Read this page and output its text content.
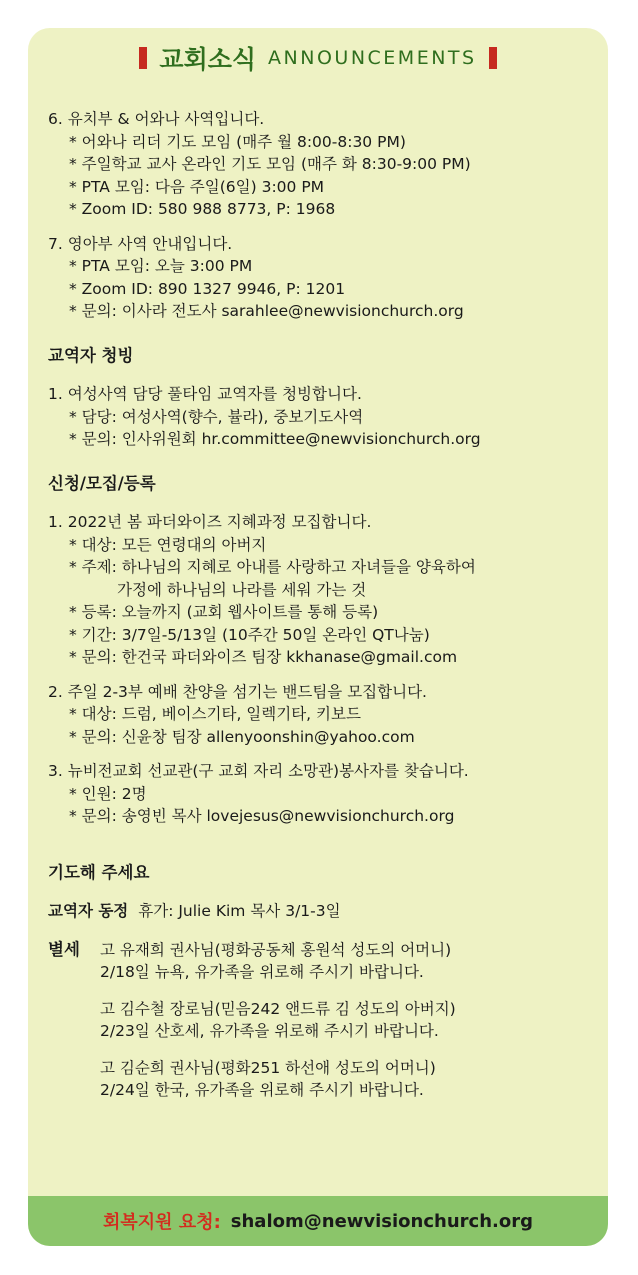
교회소식 ANNOUNCEMENTS
6. 유치부 & 어와나 사역입니다.
* 어와나 리더 기도 모임 (매주 월 8:00-8:30 PM)
* 주일학교 교사 온라인 기도 모임 (매주 화 8:30-9:00 PM)
* PTA 모임: 다음 주일(6일) 3:00 PM
* Zoom ID: 580 988 8773, P: 1968
7. 영아부 사역 안내입니다.
* PTA 모임: 오늘 3:00 PM
* Zoom ID: 890 1327 9946, P: 1201
* 문의: 이사라 전도사 sarahlee@newvisionchurch.org
교역자 청빙
1. 여성사역 담당 풀타임 교역자를 청빙합니다.
* 담당: 여성사역(향수, 뷸라), 중보기도사역
* 문의: 인사위원회 hr.committee@newvisionchurch.org
신청/모집/등록
1. 2022년 봄 파더와이즈 지혜과정 모집합니다.
* 대상: 모든 연령대의 아버지
* 주제: 하나님의 지혜로 아내를 사랑하고 자녀들을 양육하여
가정에 하나님의 나라를 세워 가는 것
* 등록: 오늘까지 (교회 웹사이트를 통해 등록)
* 기간: 3/7일-5/13일 (10주간 50일 온라인 QT나눔)
* 문의: 한건국 파더와이즈 팀장 kkhanase@gmail.com
2. 주일 2-3부 예배 찬양을 섬기는 밴드팀을 모집합니다.
* 대상: 드럼, 베이스기타, 일렉기타, 키보드
* 문의: 신윤창 팀장 allenyoonshin@yahoo.com
3. 뉴비전교회 선교관(구 교회 자리 소망관)봉사자를 찾습니다.
* 인원: 2명
* 문의: 송영빈 목사 lovejesus@newvisionchurch.org
기도해 주세요
교역자 동정 휴가: Julie Kim 목사 3/1-3일
별세	고 유재희 권사님(평화공동체 홍원석 성도의 어머니)
2/18일 뉴욕, 유가족을 위로해 주시기 바랍니다.
고 김수철 장로님(믿음242 앤드류 김 성도의 아버지)
2/23일 산호세, 유가족을 위로해 주시기 바랍니다.
고 김순희 권사님(평화251 하선애 성도의 어머니)
2/24일 한국, 유가족을 위로해 주시기 바랍니다.
회복지원 요청: shalom@newvisionchurch.org
